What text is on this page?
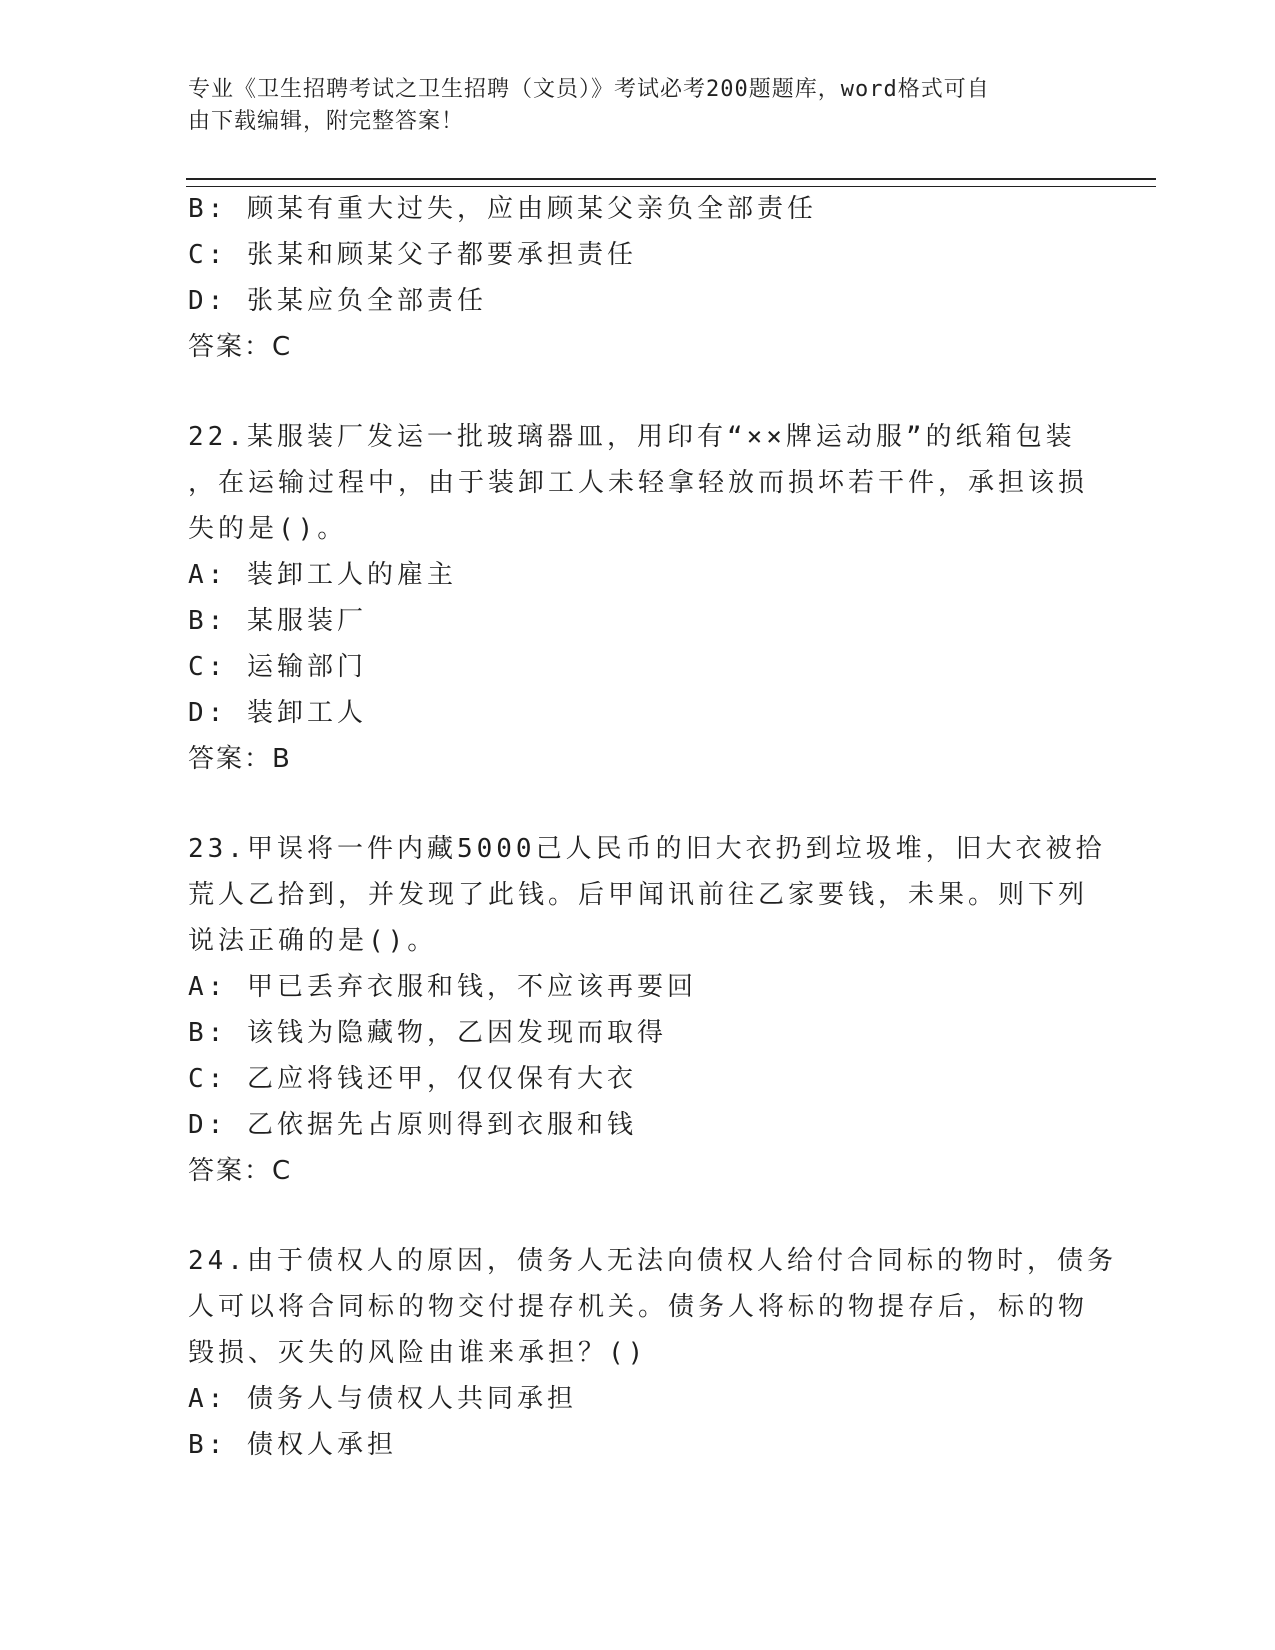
专业《卫生招聘考试之卫生招聘（文员）》考试必考200题题库，word格式可自
由下载编辑，附完整答案！
B: 顾某有重大过失，应由顾某父亲负全部责任
C: 张某和顾某父子都要承担责任
D: 张某应负全部责任
答案：C
22.某服装厂发运一批玻璃器皿，用印有“××牌运动服”的纸箱包装
，在运输过程中，由于装卸工人未轻拿轻放而损坏若干件，承担该损
失的是()。
A: 装卸工人的雇主
B: 某服装厂
C: 运输部门
D: 装卸工人
答案：B
23.甲误将一件内藏5000己人民币的旧大衣扔到垃圾堆，旧大衣被拾
荒人乙拾到，并发现了此钱。后甲闻讯前往乙家要钱，未果。则下列
说法正确的是()。
A: 甲已丢弃衣服和钱，不应该再要回
B: 该钱为隐藏物，乙因发现而取得
C: 乙应将钱还甲，仅仅保有大衣
D: 乙依据先占原则得到衣服和钱
答案：C
24.由于债权人的原因，债务人无法向债权人给付合同标的物时，债务
人可以将合同标的物交付提存机关。债务人将标的物提存后，标的物
毁损、灭失的风险由谁来承担？()
A: 债务人与债权人共同承担
B: 债权人承担
